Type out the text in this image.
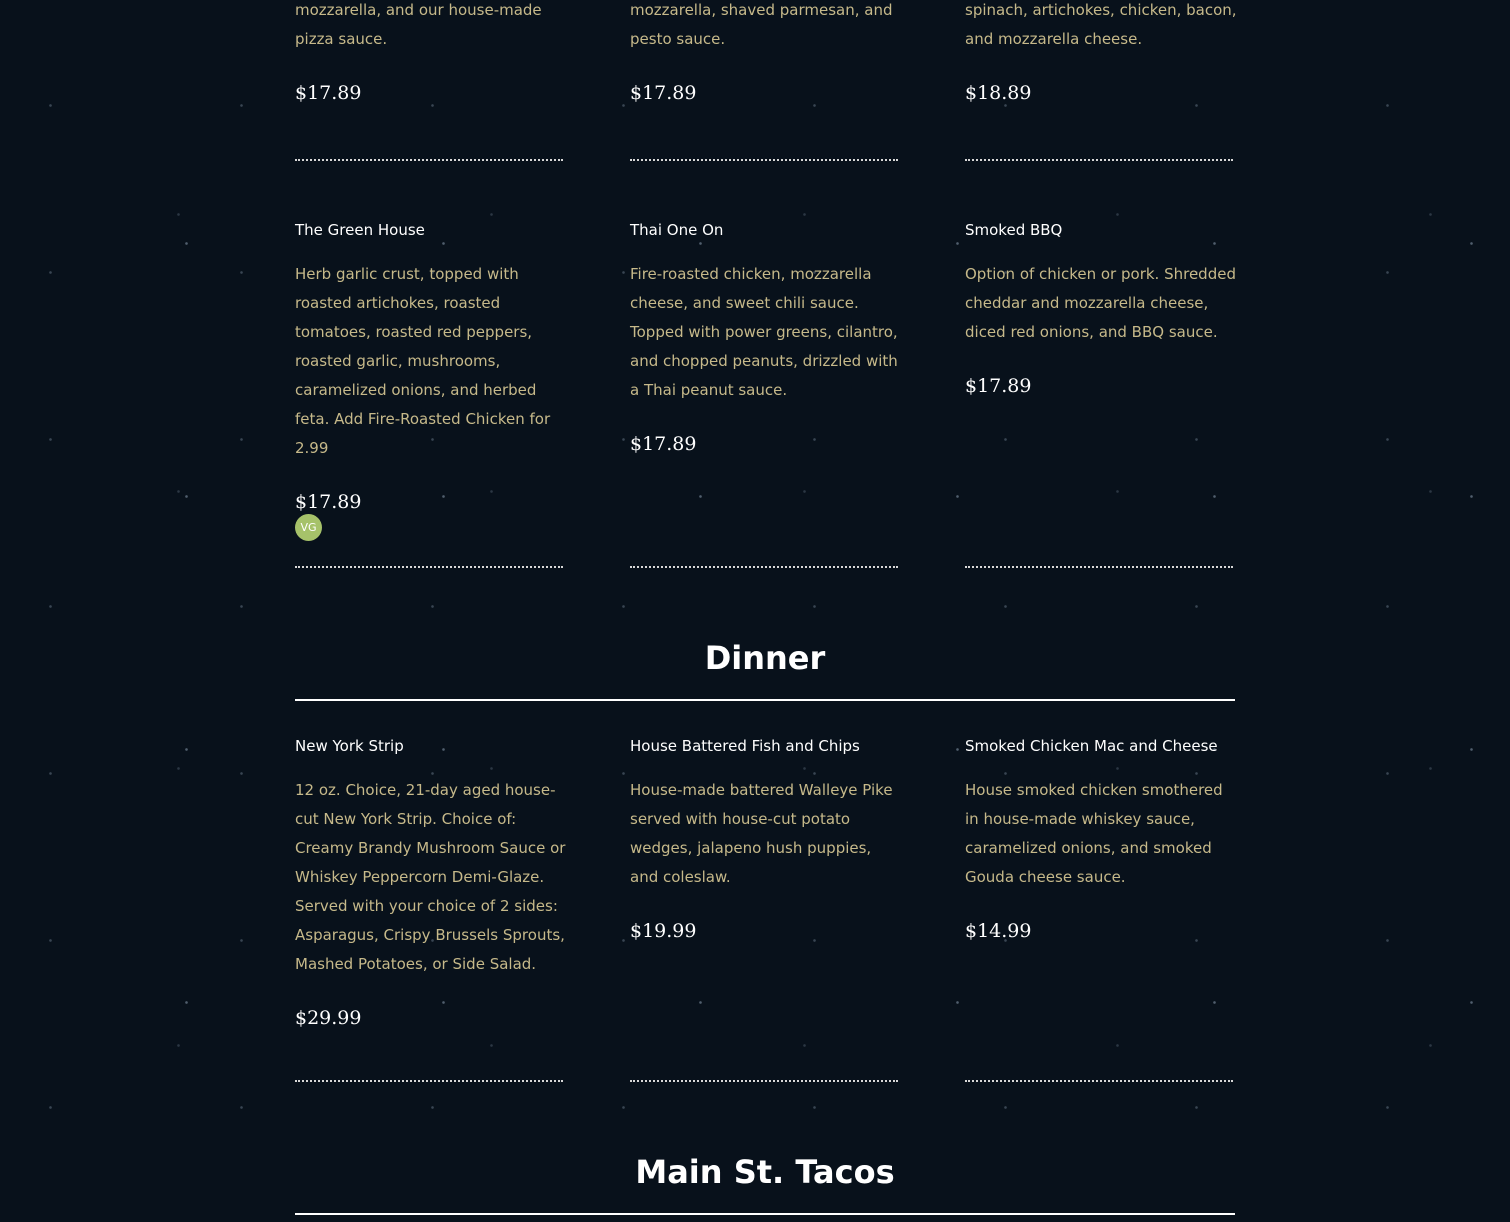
mozzarella, and our house-made pizza sauce.

$17.89

mozzarella, shaved parmesan, and pesto sauce.

$17.89

spinach, artichokes, chicken, bacon, and mozzarella cheese.

$18.89

The Green House

Herb garlic crust, topped with roasted artichokes, roasted tomatoes, roasted red peppers, roasted garlic, mushrooms, caramelized onions, and herbed feta. Add Fire-Roasted Chicken for 2.99

$17.89

VG

Thai One On

Fire-roasted chicken, mozzarella cheese, and sweet chili sauce. Topped with power greens, cilantro, and chopped peanuts, drizzled with a Thai peanut sauce.

$17.89

Smoked BBQ

Option of chicken or pork. Shredded cheddar and mozzarella cheese, diced red onions, and BBQ sauce.

$17.89

Dinner

New York Strip

12 oz. Choice, 21-day aged house-cut New York Strip. Choice of: Creamy Brandy Mushroom Sauce or Whiskey Peppercorn Demi-Glaze. Served with your choice of 2 sides: Asparagus, Crispy Brussels Sprouts, Mashed Potatoes, or Side Salad.

$29.99

House Battered Fish and Chips

House-made battered Walleye Pike served with house-cut potato wedges, jalapeno hush puppies, and coleslaw.

$19.99

Smoked Chicken Mac and Cheese

House smoked chicken smothered in house-made whiskey sauce, caramelized onions, and smoked Gouda cheese sauce.

$14.99

Main St. Tacos
